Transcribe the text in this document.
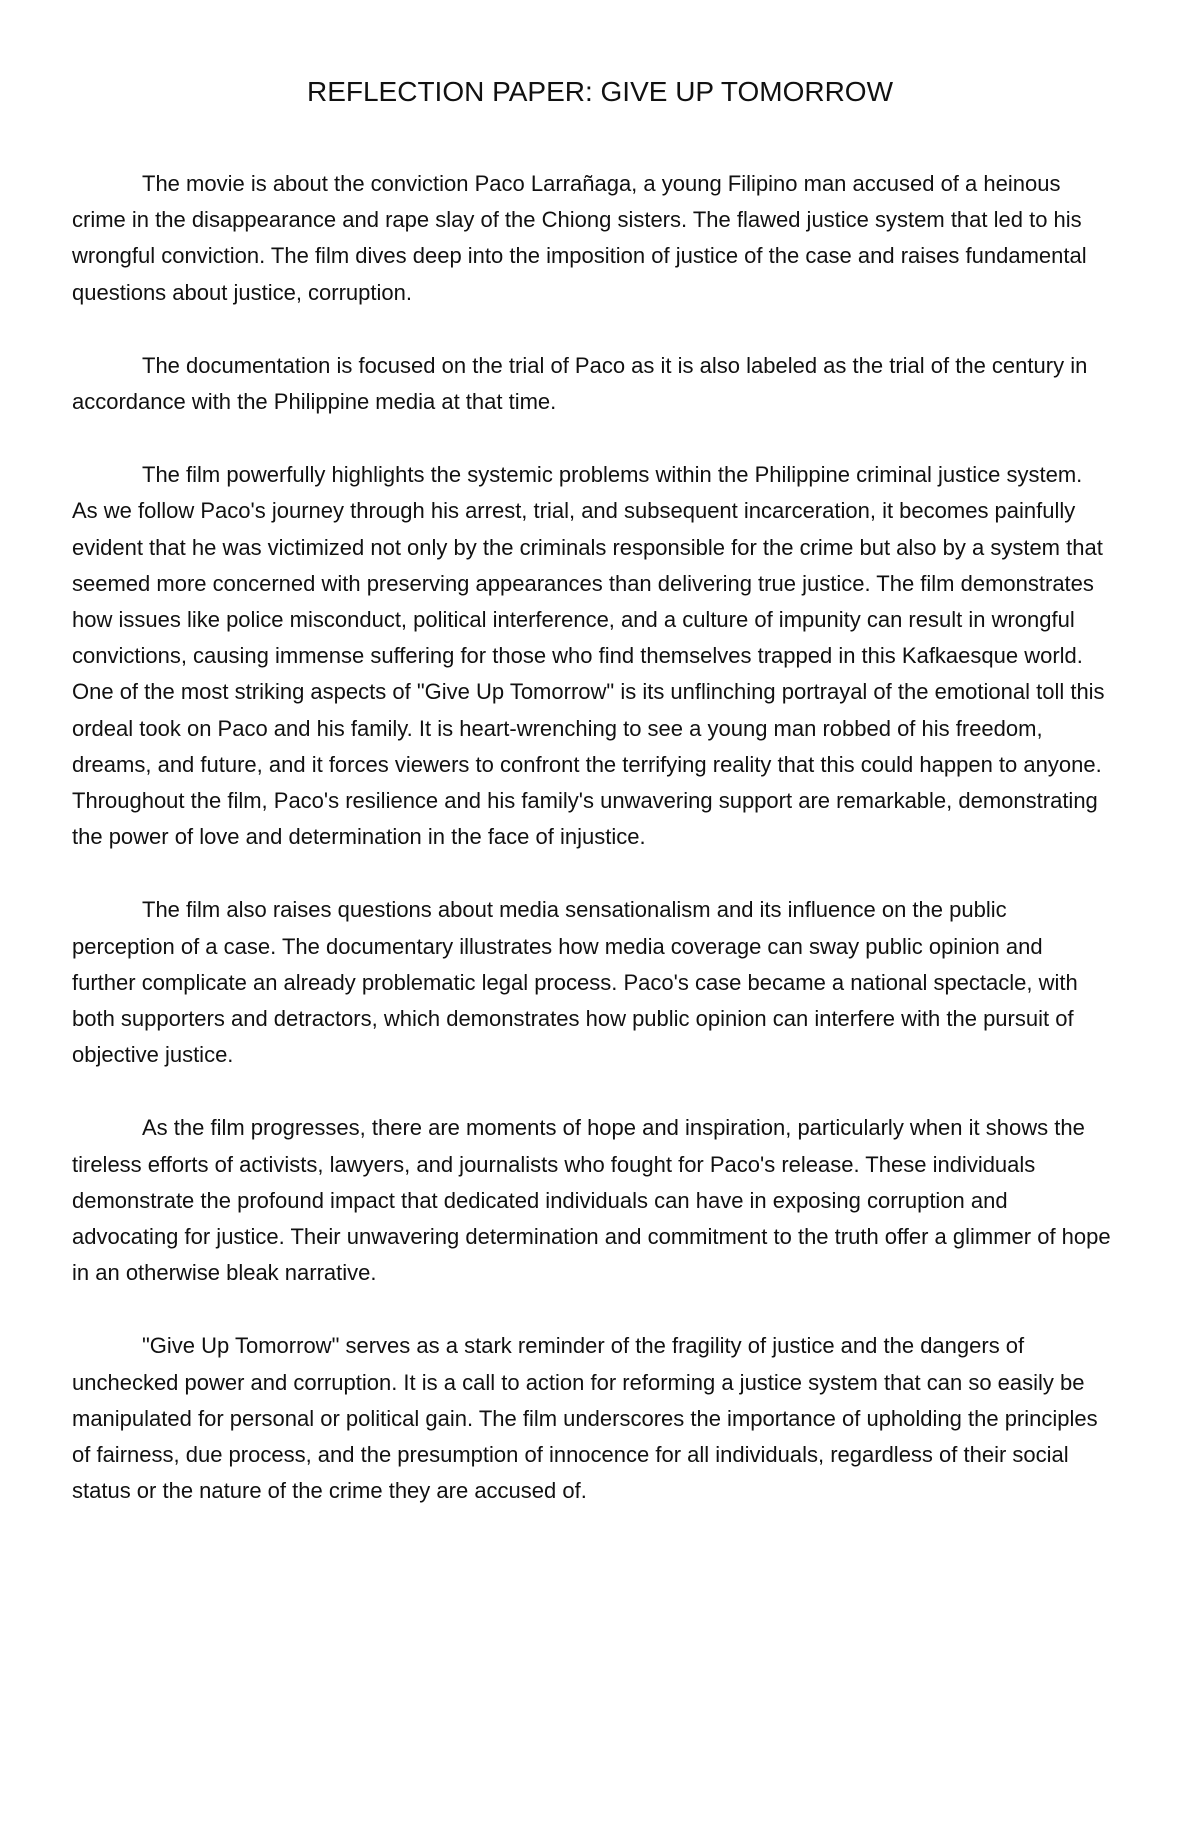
REFLECTION PAPER: GIVE UP TOMORROW

The movie is about the conviction Paco Larrañaga, a young Filipino man accused of a heinous crime in the disappearance and rape slay of the Chiong sisters. The flawed justice system that led to his wrongful conviction. The film dives deep into the imposition of justice of the case and raises fundamental questions about justice, corruption.

The documentation is focused on the trial of Paco as it is also labeled as the trial of the century in accordance with the Philippine media at that time.

The film powerfully highlights the systemic problems within the Philippine criminal justice system. As we follow Paco's journey through his arrest, trial, and subsequent incarceration, it becomes painfully evident that he was victimized not only by the criminals responsible for the crime but also by a system that seemed more concerned with preserving appearances than delivering true justice. The film demonstrates how issues like police misconduct, political interference, and a culture of impunity can result in wrongful convictions, causing immense suffering for those who find themselves trapped in this Kafkaesque world.

One of the most striking aspects of "Give Up Tomorrow" is its unflinching portrayal of the emotional toll this ordeal took on Paco and his family. It is heart-wrenching to see a young man robbed of his freedom, dreams, and future, and it forces viewers to confront the terrifying reality that this could happen to anyone. Throughout the film, Paco's resilience and his family's unwavering support are remarkable, demonstrating the power of love and determination in the face of injustice.

The film also raises questions about media sensationalism and its influence on the public perception of a case. The documentary illustrates how media coverage can sway public opinion and further complicate an already problematic legal process. Paco's case became a national spectacle, with both supporters and detractors, which demonstrates how public opinion can interfere with the pursuit of objective justice.

As the film progresses, there are moments of hope and inspiration, particularly when it shows the tireless efforts of activists, lawyers, and journalists who fought for Paco's release. These individuals demonstrate the profound impact that dedicated individuals can have in exposing corruption and advocating for justice. Their unwavering determination and commitment to the truth offer a glimmer of hope in an otherwise bleak narrative.

"Give Up Tomorrow" serves as a stark reminder of the fragility of justice and the dangers of unchecked power and corruption. It is a call to action for reforming a justice system that can so easily be manipulated for personal or political gain. The film underscores the importance of upholding the principles of fairness, due process, and the presumption of innocence for all individuals, regardless of their social status or the nature of the crime they are accused of.
